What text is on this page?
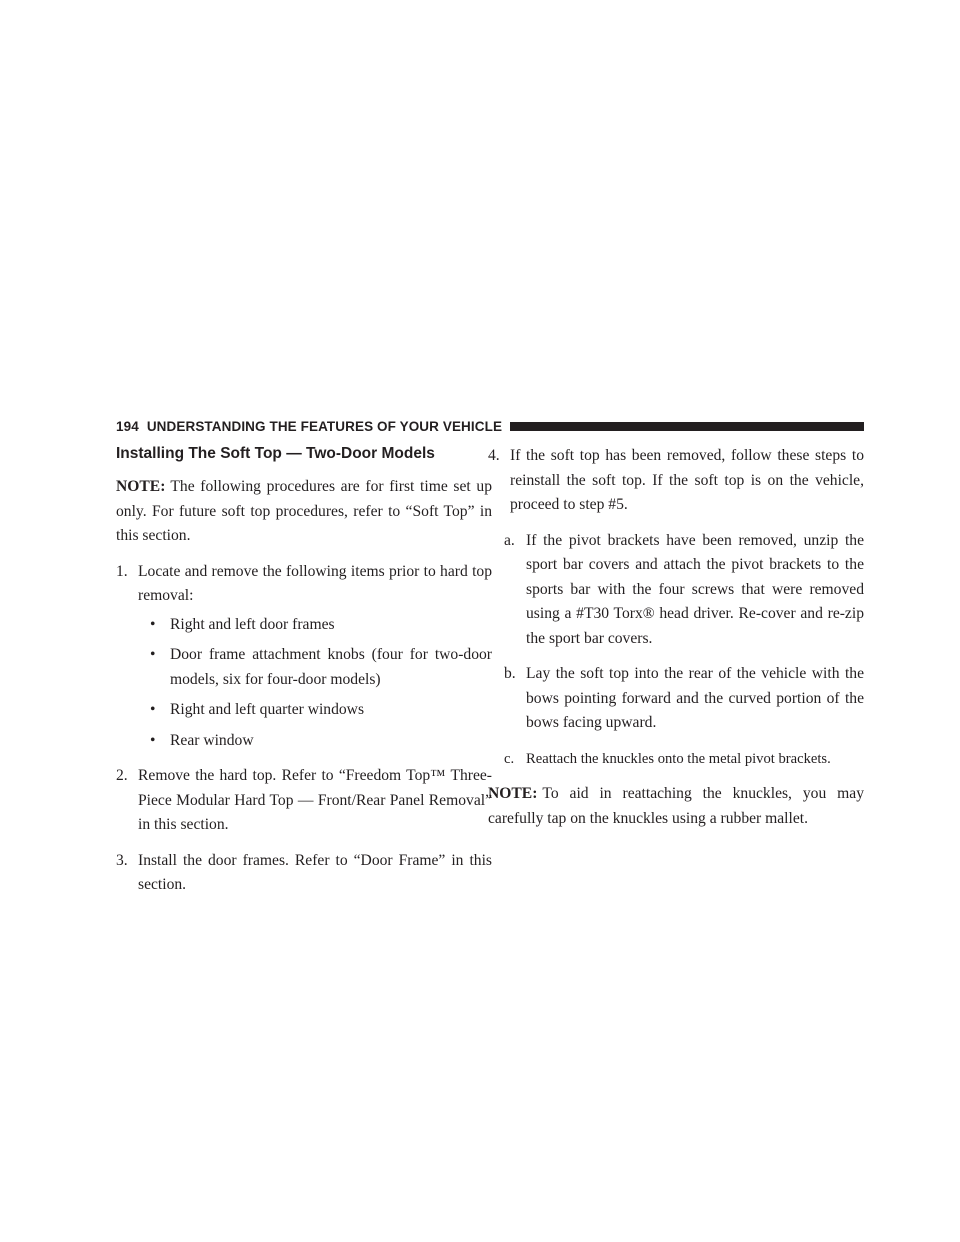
194 UNDERSTANDING THE FEATURES OF YOUR VEHICLE
Installing The Soft Top — Two-Door Models

NOTE: The following procedures are for first time set up only. For future soft top procedures, refer to “Soft Top” in this section.

1. Locate and remove the following items prior to hard top removal:
• Right and left door frames
• Door frame attachment knobs (four for two-door models, six for four-door models)
• Right and left quarter windows
• Rear window
2. Remove the hard top. Refer to “Freedom Top™ Three-Piece Modular Hard Top — Front/Rear Panel Removal” in this section.
3. Install the door frames. Refer to “Door Frame” in this section.
4. If the soft top has been removed, follow these steps to reinstall the soft top. If the soft top is on the vehicle, proceed to step #5.
a. If the pivot brackets have been removed, unzip the sport bar covers and attach the pivot brackets to the sports bar with the four screws that were removed using a #T30 Torx® head driver. Re-cover and re-zip the sport bar covers.
b. Lay the soft top into the rear of the vehicle with the bows pointing forward and the curved portion of the bows facing upward.
c. Reattach the knuckles onto the metal pivot brackets.

NOTE: To aid in reattaching the knuckles, you may carefully tap on the knuckles using a rubber mallet.
